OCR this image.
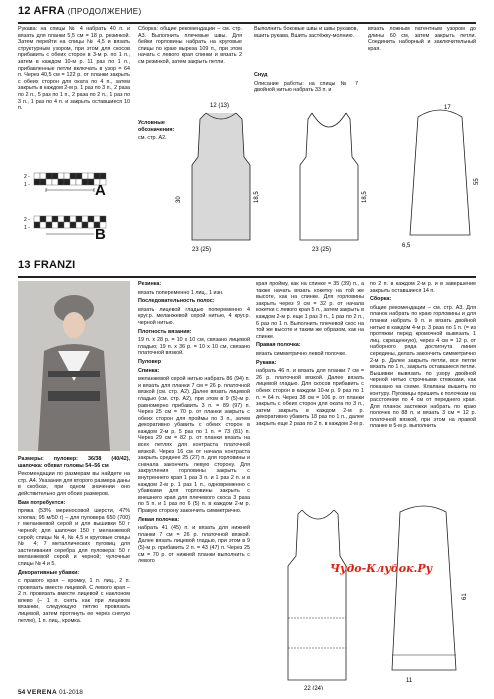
12 AFRA (ПРОДОЛЖЕНИЕ)

Рукава: на спицы № 4 набрать 40 п. и вязать для планки 5,5 см = 18 р. резинкой. Затем перейти на спицы № 4,5 и вязать структурным узором, при этом для скосов прибавить с обеих сторон в 3-м р. по 1 п., затем в каждом 10-м р. 11 раз по 1 п., прибавленные петли включать в узор = 64 п. Через 40,5 см = 122 р. от планки закрыть с обеих сторон для окатa по 4 п., затем закрыть в каждом 2-м р. 1 раз по 3 п., 2 раза по 2 п., 5 раз по 1 п., 2 раза по 2 п., 1 раз по 3 п., 1 раз по 4 п. и закрыть оставшиеся 10 п.

Сборка: общие рекомендации – см. стр. А3. Выполнить плечевые швы. Для бейки горловины набрать на круговые спицы по краю выреза 109 п., при этом начать с левого края спинки и вязать 2 см резинкой, затем закрыть петли.

Выполнить боковые швы и швы рукавов, вшить рукава. Вшить застёжку-молнию.

вязать ложным патентным узором до длины 60 см, затем закрыть петли. Соединить наборный и заключительный края.

Снуд

Описание работы: на спицы № 7 двойной нитью набрать 33 п. и

Условные обозначения:

см. стр. А2.

2 -
1 -
2 -
1 -
A
B
23 (25)	23 (25)
30	18,5	18,5
17
55
6,5
12 (13)
13 FRANZI

Размеры: пуловер: 36/38 (40/42), шапочка: обхват головы 54–56 см

Рекомендации по размерам вы найдете на стр. А4. Указания для второго размера даны в скобках, при одном значении оно действительно для обоих размеров.

Вам потребуется:

пряжа (53% мериносовой шерсти, 47% хлопка; 95 м/50 г) – для пуловера 650 (700) г меланжевой серой и для вышивки 50 г черной; для шапочки 150 г меланжевой серой; спицы № 4, № 4,5 и круговые спицы № 4; 7 металлических пуговиц для застегивания серебра для пуловера: 50 г меланжевой серой и черной; чулочные спицы № 4 и 5.

Декоративные убавки:

с правого края – кромку, 1 п. лиц., 2 п. провязать вместе лицевой. С левого края – 2 п. провязать вместе лицевой с наклоном влево (– 1 п. снять как при лицевом вязании, следующую петлю провязать лицевой, затем протянуть ее через снятую петлю), 1 п. лиц., кромка.

Резинка:

вязать попеременно 1 лиц., 1 изн.

Последовательность полос:

вязать лицевой гладью попеременно 4 круг.р. меланжевой серой нитью, 4 круг.р. черной нитью.

Плотность вязания:

19 п. x 28 р. = 10 х 10 см, связано лицевой гладью; 19 п. х 36 р. = 10 х 10 см, связано платочной вязкой.

Пуловер

Спинка:

меланжевой серой нитью набрать 86 (94) п. и вязать для планки 7 см = 26 р. платочной вязкой (см. стр. А2). Далее вязать лицевой гладью (см. стр. А2), при этом в 9 (5)-м р. равномерно прибавить 3 п. = 89 (97) п. Через 25 см = 70 р. от планки закрыть с обеих сторон для проймы по 3 п., затем декоративно убавить с обеих сторон в каждом 2-м р. 5 раз по 1 п. = 73 (81) п. Через 29 см = 82 р. от планки вязать на всех петлях для контраста платочной вязкой. Через 16 см от начала контраста закрыть среднее 25 (27) п. для горловины и сначала закончить левую сторону. Для закругления горловины закрыть с внутреннего края 1 раз 3 п. и 1 раз 2 п. и в каждом 2-м р. 1 раз 1 п., одновременно с убавками для горловины закрыть с внешнего края для плечевого скоса 3 раза по 5 п. и 1 раз по 6 (5) п. в каждом 2-м р. Правую сторону закончить симметрично.

Левая полочка:

набрать 41 (45) п. и вязать для нижней планки 7 см = 26 р. платочной вязкой. Далее вязать лицевой гладью, при этом в 9 (5)-м р. прибавить 2 п. = 43 (47) п. Через 25 см = 70 р. от нижней планки выполнить с левого

края пройму, как на спинке = 35 (39) п., а также начать вязать кокетку на той же высоте, как на спинке. Для горловины закрыть через 9 см = 32 р. от начала кокетки с левого края 5 п., затем закрыть в каждом 2-м р. еще 1 раз 3 п., 1 раз по 2 п., 6 раз по 1 п. Выполнить плечевой скос на той же высоте и таким же образом, как на спинке.

Правая полочка:

вязать симметрично левой полочке.

Рукава:

набрать 46 п. и вязать для планки 7 см = 26 р. платочной вязкой. Далее вязать лицевой гладью. Для скосов прибавить с обеих сторон в каждом 10-м р. 9 раз по 1 п. = 64 п. Через 38 см = 106 р. от планки закрыть с обеих сторон для окатa по 3 п., затем закрыть в каждом 2-м р. декоративно убавить 18 раз по 1 п., далее закрыть еще 2 раза по 2 п. в каждом 2-м р.

по 2 п. в каждом 2-м р. и в завершение закрыть оставшиеся 14 п.

Сборка:

общие рекомендации – см. стр. А3. Для планок набрать по краю горловины и для планки набрать 9 п. и вязать двойной нитью в каждом 4-м р. 3 раза по 1 п. (= из протяжки перед кромочной вывязать 1 лиц. скрещенную), через 4 см = 12 р. от наборного ряда достигнута линия середины, делать закончить симметрично 2-м р. Далее закрыть петли, все петли вязать по 1 п., закрыть оставшиеся петли. Вышивки вывязать по узору двойной черной нитью строчными стежками, как показано на схеме. Клапаны вышить по контуру. Пуговицы пришить к полочкам на расстоянии по 4 см от переднего края. Для планок застежки набрать по краю полочек по 88 п. и вязать 3 см = 12 р. платочной вязкой, при этом на правой планке в 5-м р. выполнить

22 (24)
61
11
Чудо-Клубок.Ру
54 VERENA 01-2018
